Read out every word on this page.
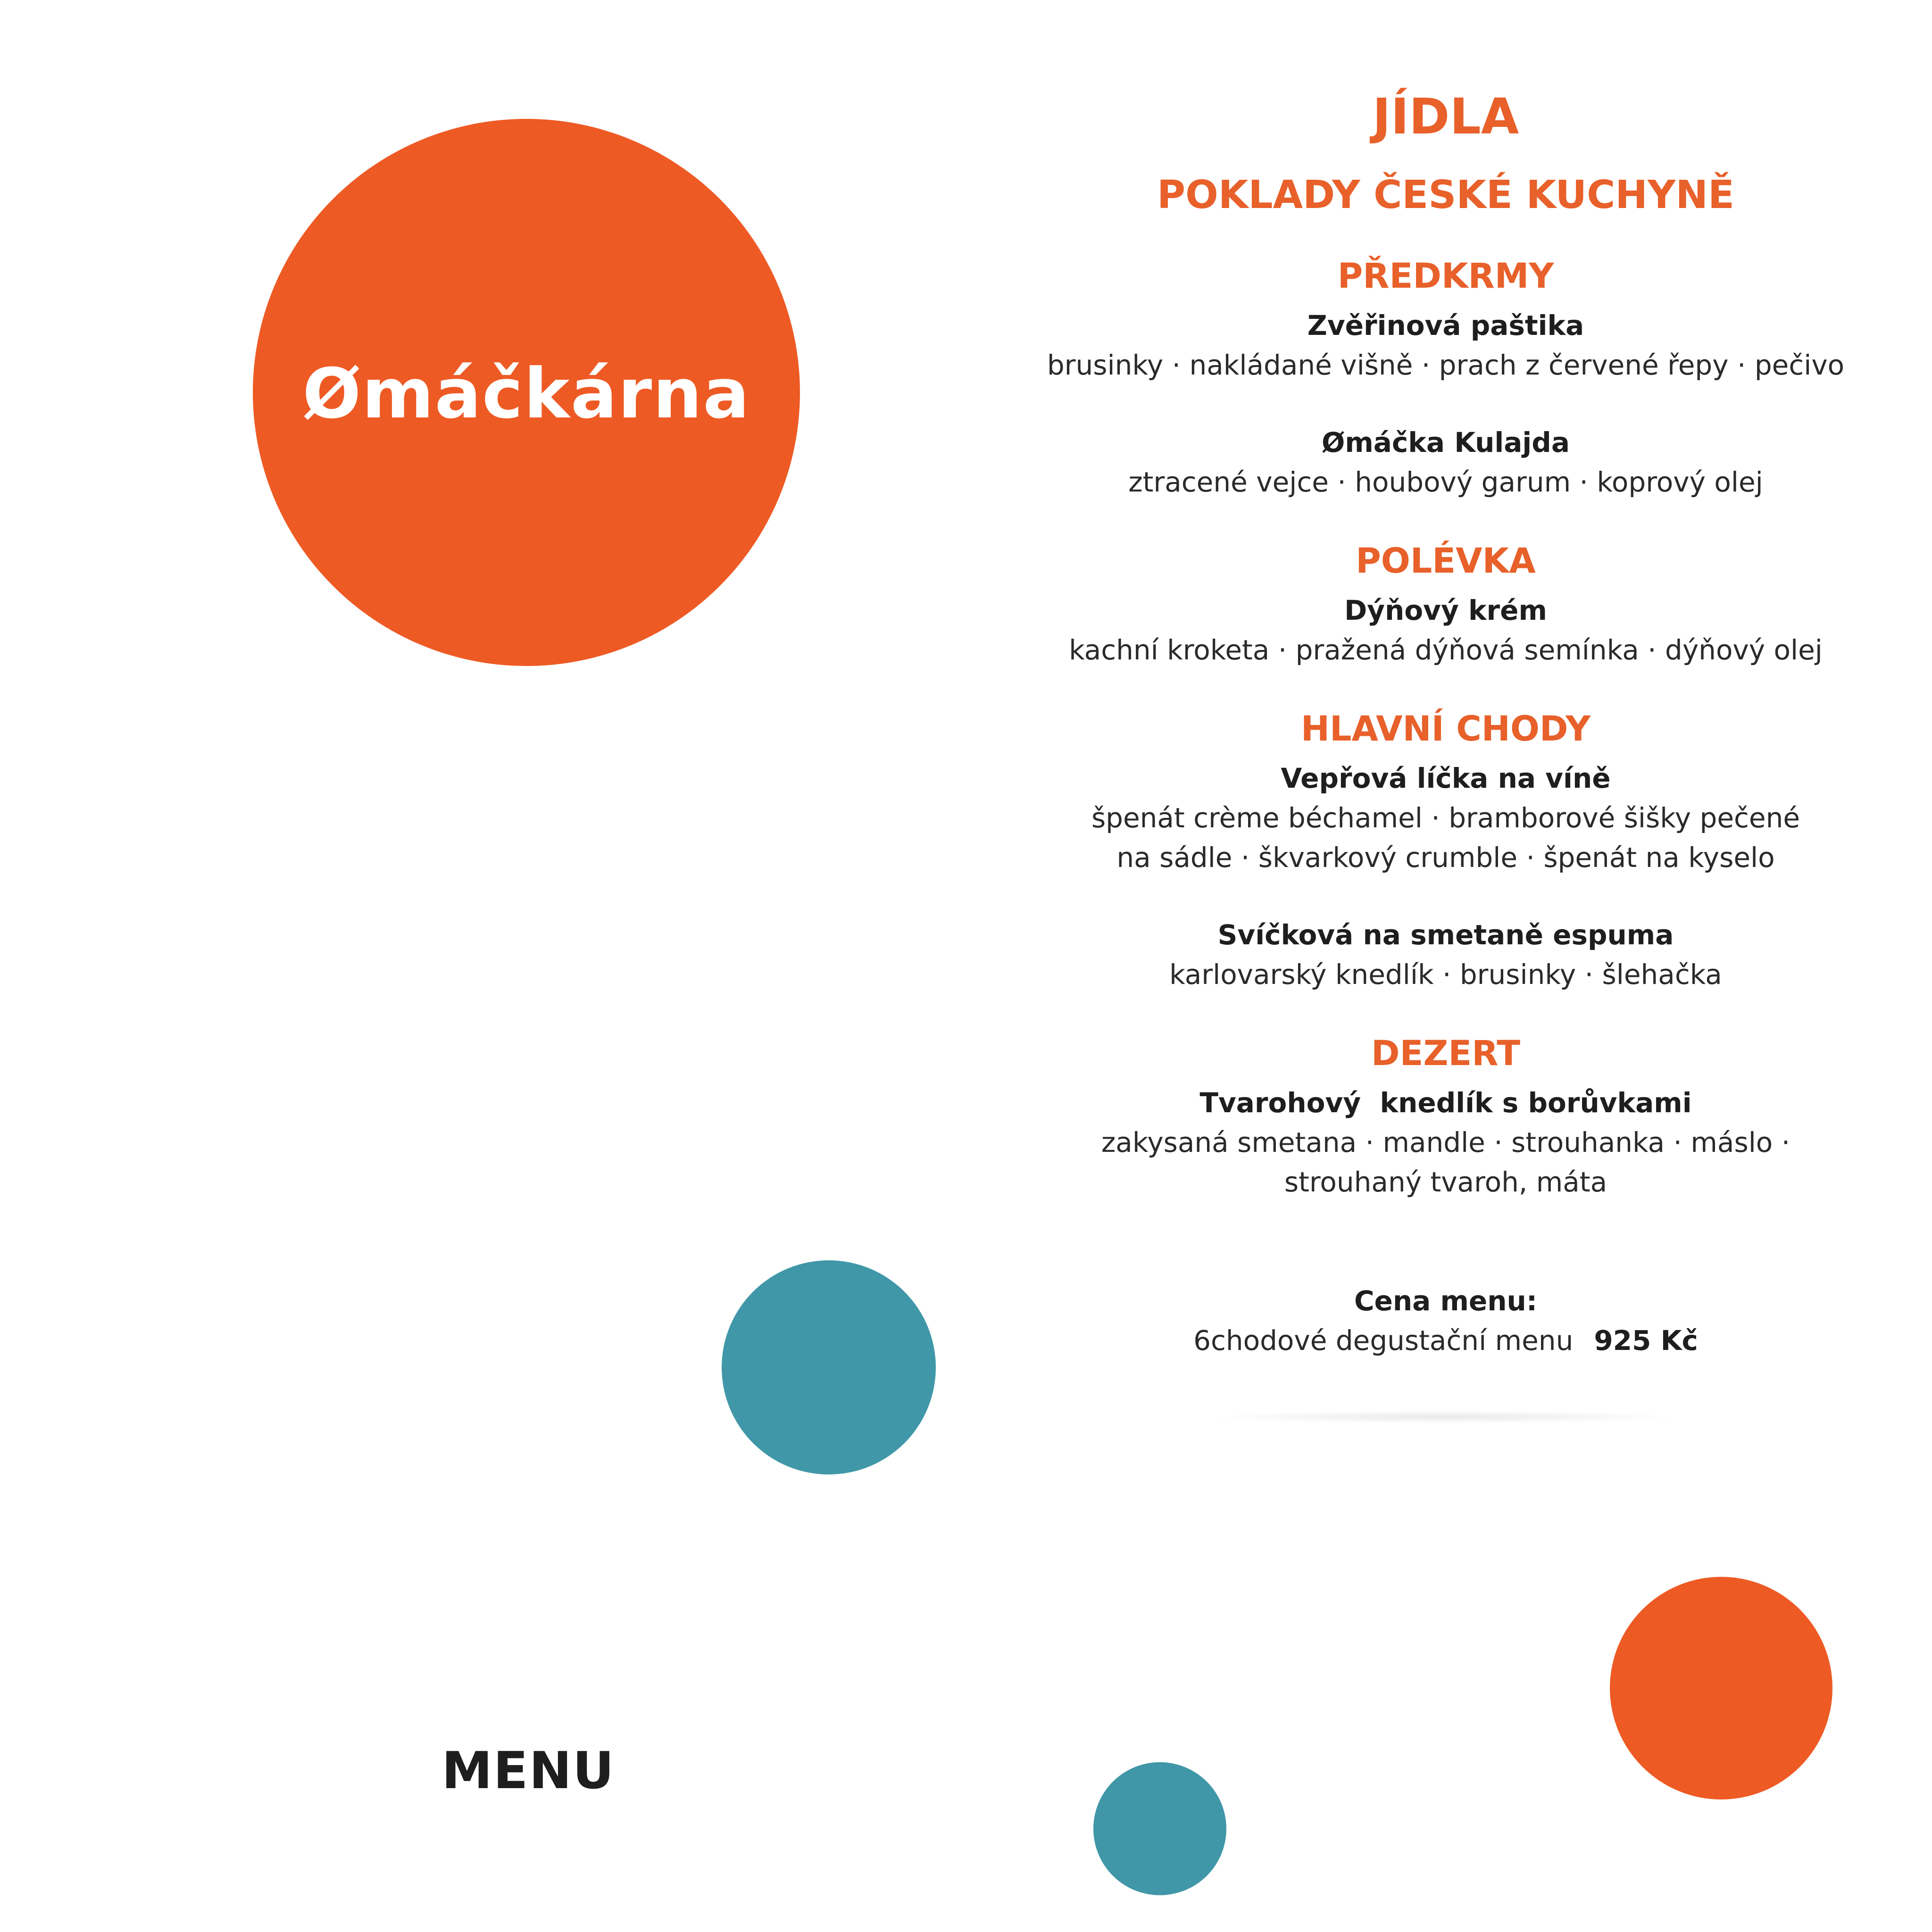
Ømáčkárna
MENU
JÍDLA
POKLADY ČESKÉ KUCHYNĚ
PŘEDKRMY
Zvěřinová paštika
brusinky · nakládané višně · prach z červené řepy · pečivo
Ømáčka Kulajda
ztracené vejce · houbový garum · koprový olej
POLÉVKA
Dýňový krém
kachní kroketa · pražená dýňová semínka · dýňový olej
HLAVNÍ CHODY
Vepřová líčka na víně
špenát crème béchamel · bramborové šišky pečené
na sádle · škvarkový crumble · špenát na kyselo
Svíčková na smetaně espuma
karlovarský knedlík · brusinky · šlehačka
DEZERT
Tvarohový  knedlík s borůvkami
zakysaná smetana · mandle · strouhanka · máslo ·
strouhaný tvaroh, máta
Cena menu:
6chodové degustační menu 925 Kč
